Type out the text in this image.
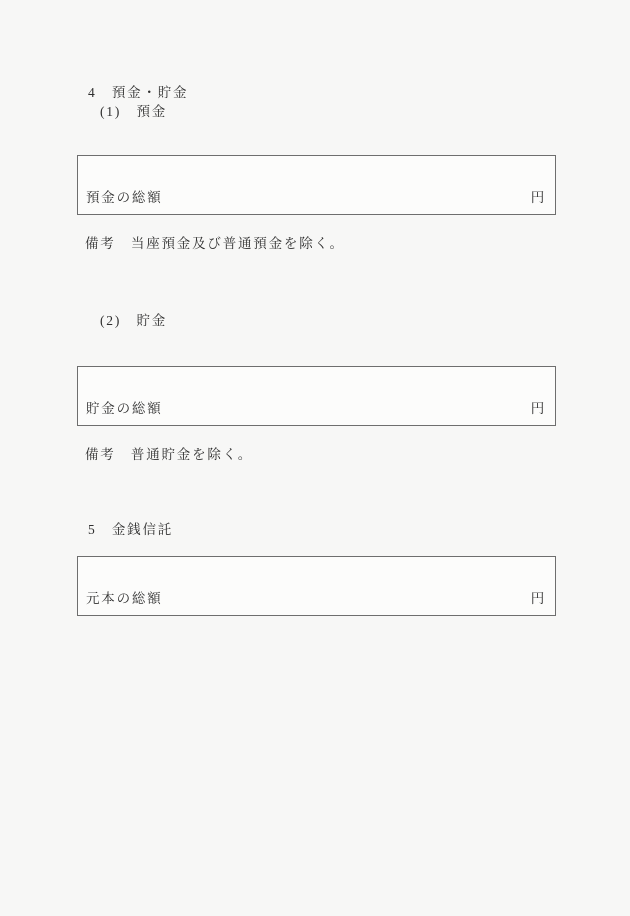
4　預金・貯金
(1)　預金
預金の総額	円
備考　当座預金及び普通預金を除く。
(2)　貯金
貯金の総額	円
備考　普通貯金を除く。
5　金銭信託
元本の総額	円
